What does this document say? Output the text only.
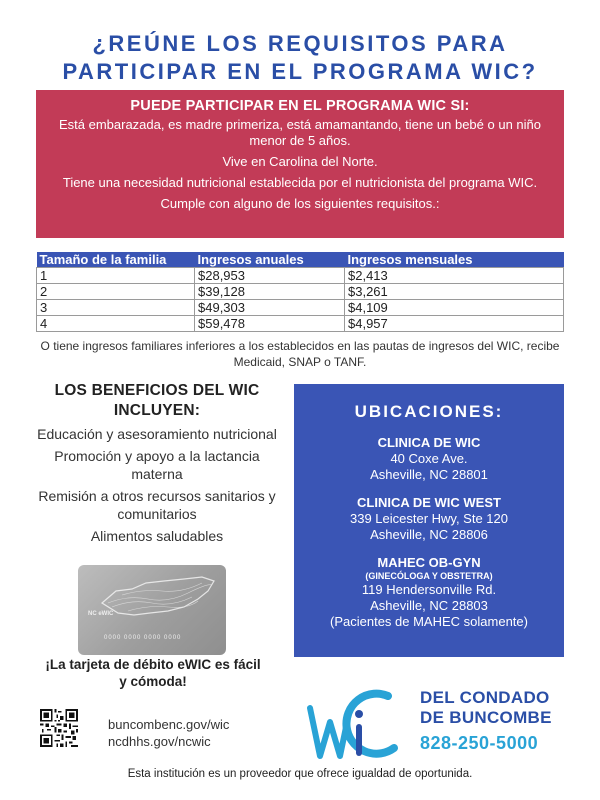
¿REÚNE LOS REQUISITOS PARA
PARTICIPAR EN EL PROGRAMA WIC?
PUEDE PARTICIPAR EN EL PROGRAMA WIC SI:

Está embarazada, es madre primeriza, está amamantando, tiene un bebé o un niño menor de 5 años.

Vive en Carolina del Norte.

Tiene una necesidad nutricional establecida por el nutricionista del programa WIC.

Cumple con alguno de los siguientes requisitos.:

Tamaño de la familia	Ingresos anuales	Ingresos mensuales
1	$28,953	$2,413
2	$39,128	$3,261
3	$49,303	$4,109
4	$59,478	$4,957
O tiene ingresos familiares inferiores a los establecidos en las pautas de ingresos del WIC, recibe Medicaid, SNAP o TANF.
LOS BENEFICIOS DEL WIC INCLUYEN:
Educación y asesoramiento nutricional
Promoción y apoyo a la lactancia materna
Remisión a otros recursos sanitarios y comunitarios
Alimentos saludables
NC eWIC
0000 0000 0000 0000
¡La tarjeta de débito eWIC es fácil y cómoda!
buncombenc.gov/wic
ncdhhs.gov/ncwic
UBICACIONES:
CLINICA DE WIC
40 Coxe Ave.
Asheville, NC 28801
CLINICA DE WIC WEST
339 Leicester Hwy, Ste 120
Asheville, NC 28806
MAHEC OB-GYN
(GINECÓLOGA Y OBSTETRA)
119 Hendersonville Rd.
Asheville, NC 28803
(Pacientes de MAHEC solamente)
DEL CONDADO
DE BUNCOMBE
828-250-5000
Esta institución es un proveedor que ofrece igualdad de oportunida.
